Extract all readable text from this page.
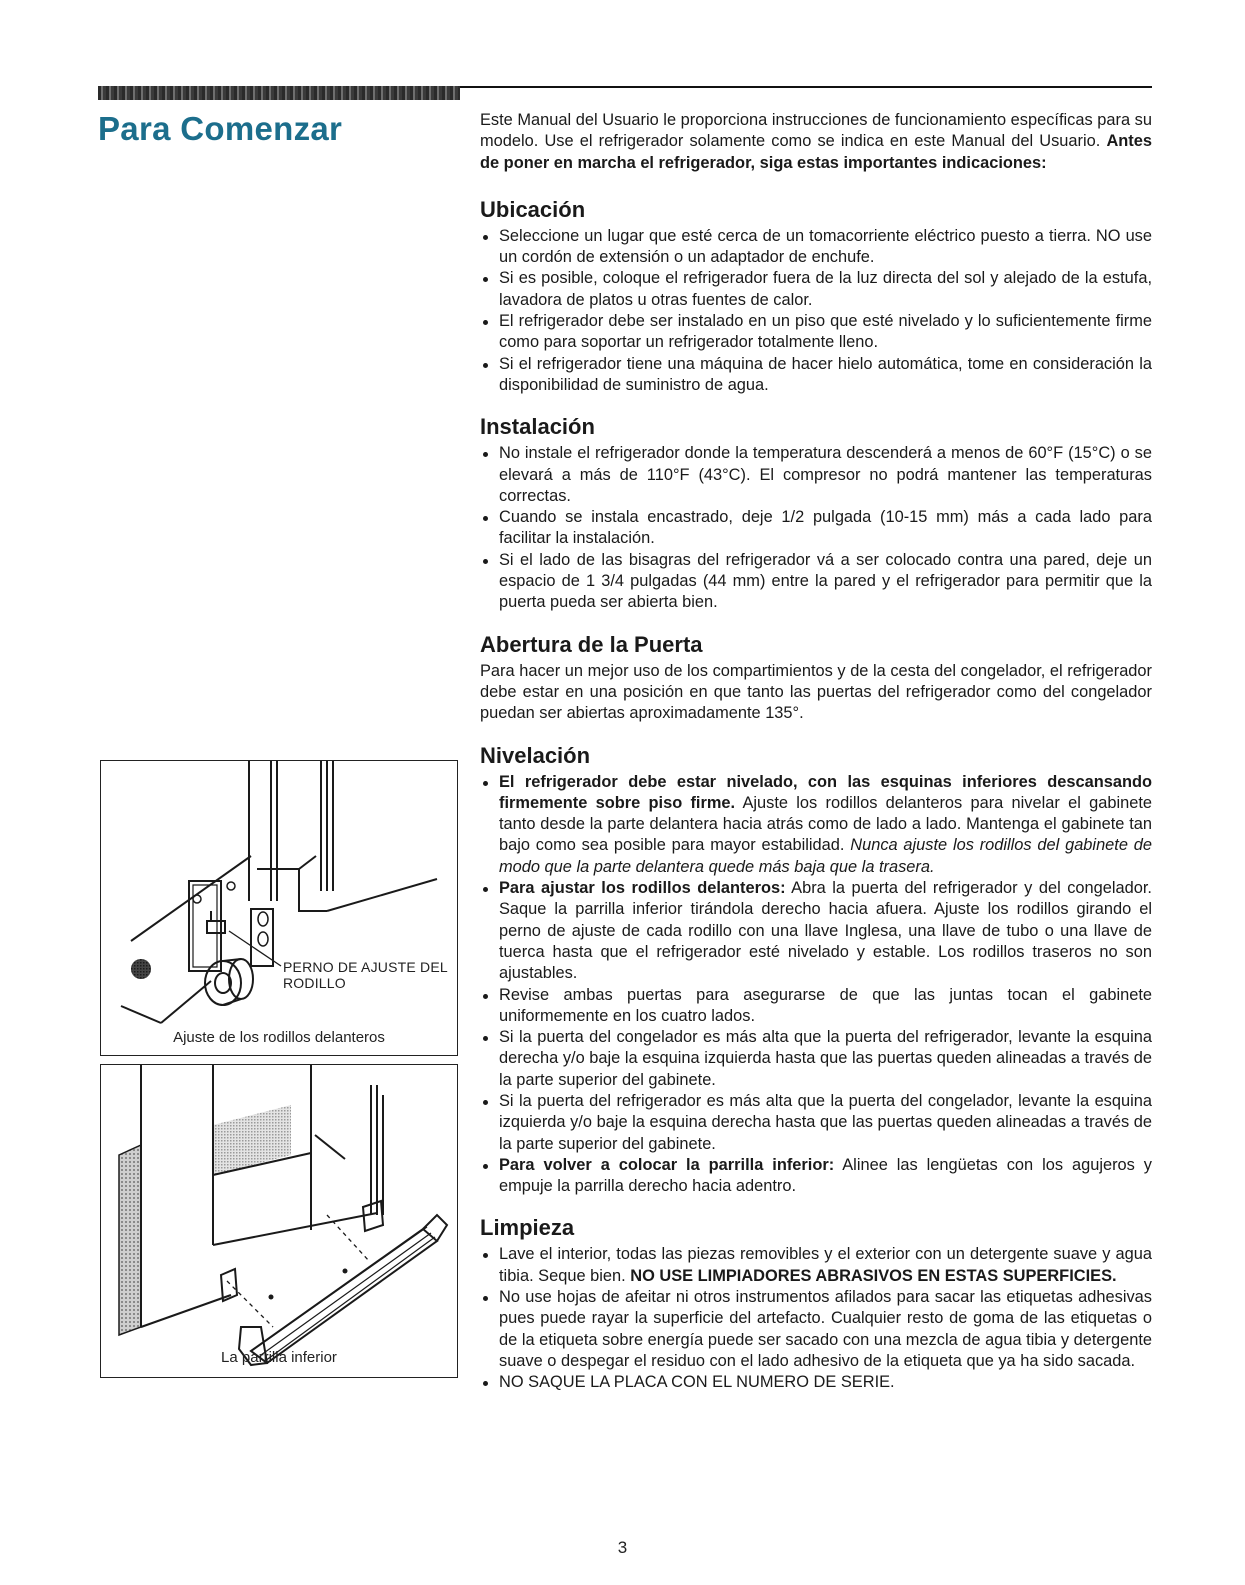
Para Comenzar	Este Manual del Usuario le proporciona instrucciones de funcionamiento específicas para su modelo. Use el refrigerador solamente como se indica en este Manual del Usuario. Antes de poner en marcha el refrigerador, siga estas importantes indicaciones:

Ubicación
Seleccione un lugar que esté cerca de un tomacorriente eléctrico puesto a tierra. NO use un cordón de extensión o un adaptador de enchufe.
Si es posible, coloque el refrigerador fuera de la luz directa del sol y alejado de la estufa, lavadora de platos u otras fuentes de calor.
El refrigerador debe ser instalado en un piso que esté nivelado y lo suficientemente firme como para soportar un refrigerador totalmente lleno.
Si el refrigerador tiene una máquina de hacer hielo automática, tome en consideración la disponibilidad de suministro de agua.
Instalación
No instale el refrigerador donde la temperatura descenderá a menos de 60°F (15°C) o se elevará a más de 110°F (43°C). El compresor no podrá mantener las temperaturas correctas.
Cuando se instala encastrado, deje 1/2 pulgada (10-15 mm) más a cada lado para facilitar la instalación.
Si el lado de las bisagras del refrigerador vá a ser colocado contra una pared, deje un espacio de 1 3/4 pulgadas (44 mm) entre la pared y el refrigerador para permitir que la puerta pueda ser abierta bien.
Abertura de la Puerta

Para hacer un mejor uso de los compartimientos y de la cesta del congelador, el refrigerador debe estar en una posición en que tanto las puertas del refrigerador como del congelador puedan ser abiertas aproximadamente 135°.

Nivelación
El refrigerador debe estar nivelado, con las esquinas inferiores descansando firmemente sobre piso firme. Ajuste los rodillos delanteros para nivelar el gabinete tanto desde la parte delantera hacia atrás como de lado a lado. Mantenga el gabinete tan bajo como sea posible para mayor estabilidad. Nunca ajuste los rodillos del gabinete de modo que la parte delantera quede más baja que la trasera.
Para ajustar los rodillos delanteros: Abra la puerta del refrigerador y del congelador. Saque la parrilla inferior tirándola derecho hacia afuera. Ajuste los rodillos girando el perno de ajuste de cada rodillo con una llave Inglesa, una llave de tubo o una llave de tuerca hasta que el refrigerador esté nivelado y estable. Los rodillos traseros no son ajustables.
Revise ambas puertas para asegurarse de que las juntas tocan el gabinete uniformemente en los cuatro lados.
Si la puerta del congelador es más alta que la puerta del refrigerador, levante la esquina derecha y/o baje la esquina izquierda hasta que las puertas queden alineadas a través de la parte superior del gabinete.
Si la puerta del refrigerador es más alta que la puerta del congelador, levante la esquina izquierda y/o baje la esquina derecha hasta que las puertas queden alineadas a través de la parte superior del gabinete.
Para volver a colocar la parrilla inferior: Alinee las lengüetas con los agujeros y empuje la parrilla derecho hacia adentro.
Limpieza
Lave el interior, todas las piezas removibles y el exterior con un detergente suave y agua tibia. Seque bien. NO USE LIMPIADORES ABRASIVOS EN ESTAS SUPERFICIES.
No use hojas de afeitar ni otros instrumentos afilados para sacar las etiquetas adhesivas pues puede rayar la superficie del artefacto. Cualquier resto de goma de las etiquetas o de la etiqueta sobre energía puede ser sacado con una mezcla de agua tibia y detergente suave o despegar el residuo con el lado adhesivo de la etiqueta que ya ha sido sacada.
NO SAQUE LA PLACA CON EL NUMERO DE SERIE.
PERNO DE AJUSTE DEL
RODILLO
Ajuste de los rodillos delanteros
La parrilla inferior
3
